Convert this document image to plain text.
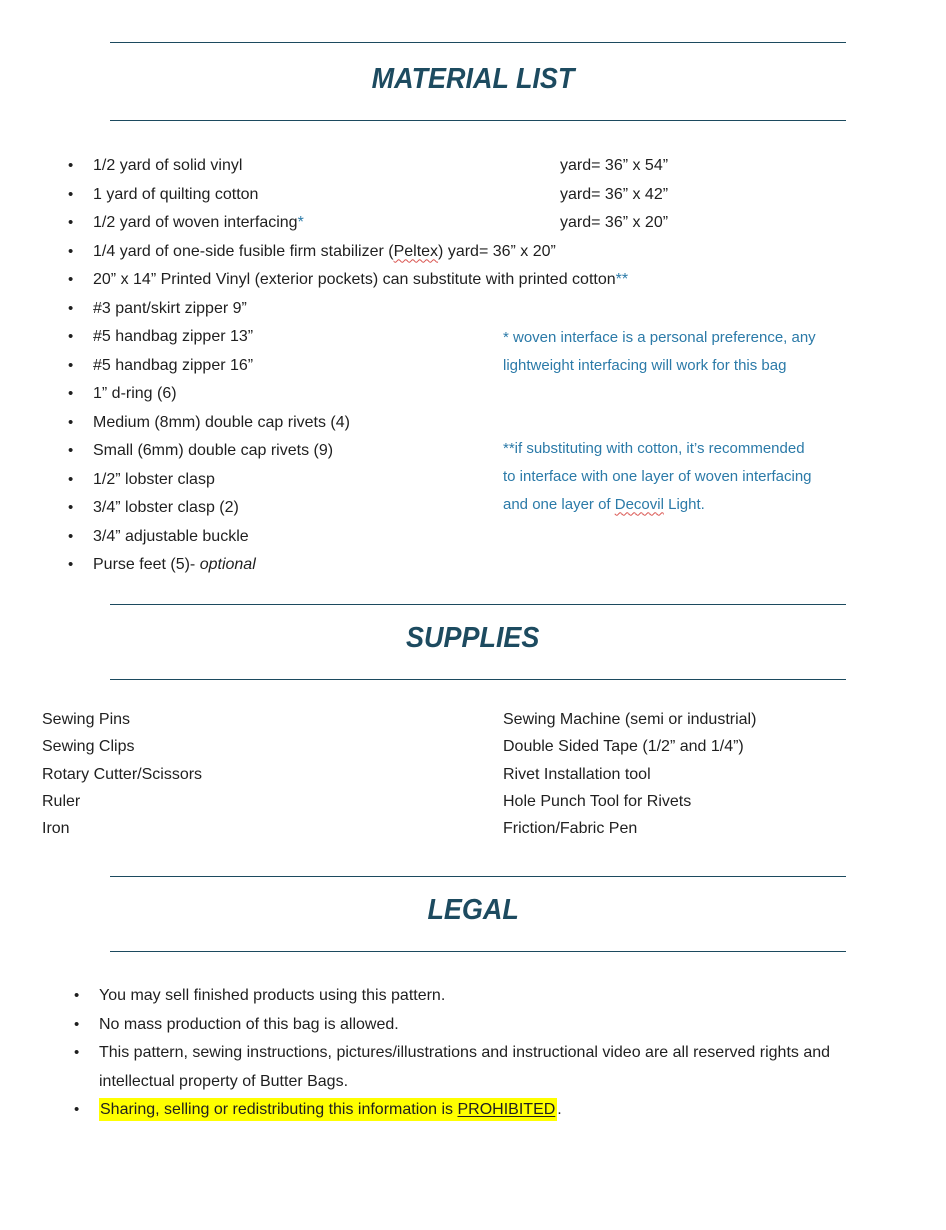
MATERIAL LIST
• 1/2 yard of solid vinyl	yard= 36” x 54”
• 1 yard of quilting cotton	yard= 36” x 42”
• 1/2 yard of woven interfacing*	yard= 36” x 20”
• 1/4 yard of one-side fusible firm stabilizer (Peltex) yard= 36” x 20”
• 20” x 14” Printed Vinyl (exterior pockets) can substitute with printed cotton**
• #3 pant/skirt zipper 9”
• #5 handbag zipper 13”
• #5 handbag zipper 16”
• 1” d-ring (6)
• Medium (8mm) double cap rivets (4)
• Small (6mm) double cap rivets (9)
• 1/2” lobster clasp
• 3/4” lobster clasp (2)
• 3/4” adjustable buckle
• Purse feet (5)- optional

* woven interface is a personal preference, any

lightweight interfacing will work for this bag

**if substituting with cotton, it’s recommended

to interface with one layer of woven interfacing

and one layer of Decovil Light.

SUPPLIES
Sewing Pins
Sewing Clips
Rotary Cutter/Scissors
Ruler
Iron
Sewing Machine (semi or industrial)
Double Sided Tape (1/2” and 1/4”)
Rivet Installation tool
Hole Punch Tool for Rivets
Friction/Fabric Pen
LEGAL
• You may sell finished products using this pattern.
• No mass production of this bag is allowed.
• This pattern, sewing instructions, pictures/illustrations and instructional video are all reserved rights and intellectual property of Butter Bags.
• Sharing, selling or redistributing this information is PROHIBITED .
